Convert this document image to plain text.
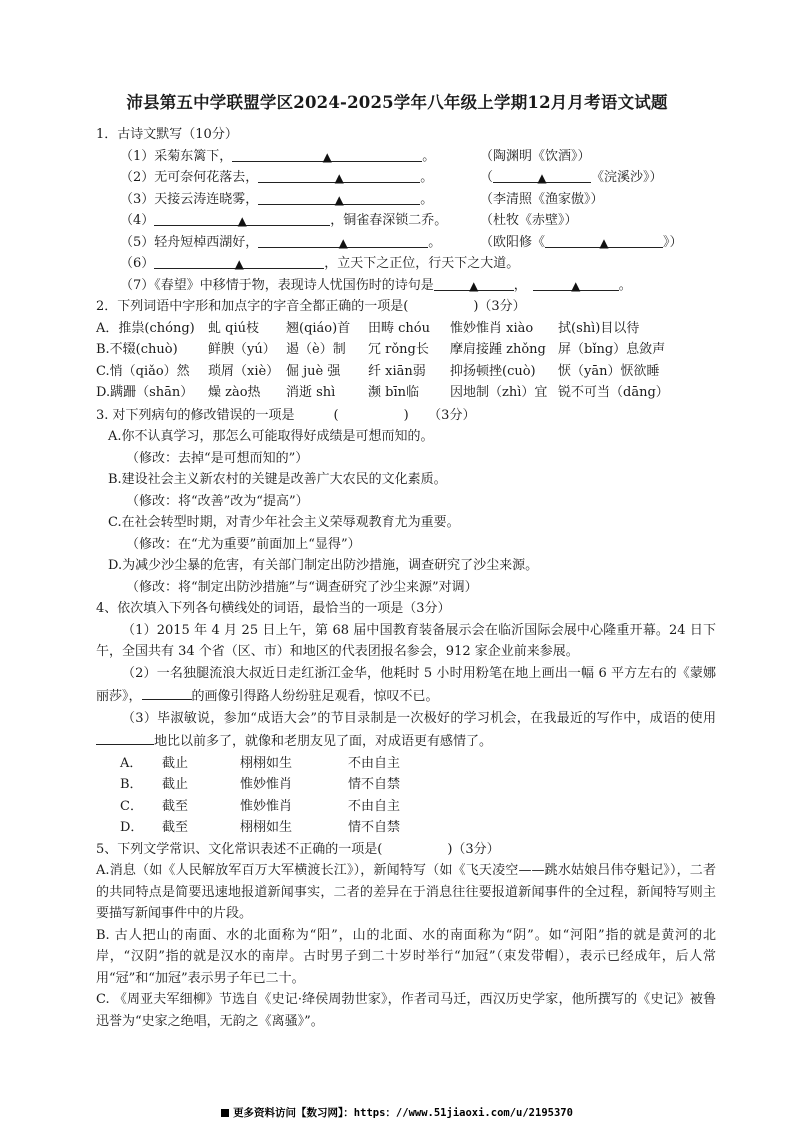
沛县第五中学联盟学区2024-2025学年八年级上学期12月月考语文试题
1．古诗文默写（10分）
（1）采菊东篱下，	▲	。	（陶渊明《饮酒》）
（2）无可奈何花落去，	▲	。	（	▲	《浣溪沙》）
（3）天接云涛连晓雾，	▲	。	（李清照《渔家傲》）
（4）	▲	，铜雀春深锁二乔。	（杜牧《赤壁》）
（5）轻舟短棹西湖好，	▲	。	（欧阳修《	▲	》）
（6）	▲	，立天下之正位，行天下之大道。
（7）《春望》中移情于物，表现诗人忧国伤时的诗句是	▲	，	▲	。
2．下列词语中字形和加点字的字音全都正确的一项是(　　　　　)（3分）
A．推祟(chóng) 虬 qiú枝 翘(qiáo)首 田畴 chóu 惟妙惟肖 xiào 拭(shì)目以待
B.不辍(chuò) 鲜腴（yú） 遏（è）制 冗 rǒng长 摩肩接踵 zhǒng 屏（bǐng）息敛声
C.悄（qiǎo）然 琐屑（xiè） 倔 juè 强 纤 xiān弱 抑扬顿挫(cuò) 恹（yān）恹欲睡
D.蹒跚（shān） 燥 zào热 消逝 shì	濒 bīn临 因地制（zhì）宜 锐不可当（dāng）
3. 对下列病句的修改错误的一项是　　　(　　　　　)　　（3分）
A.你不认真学习，那怎么可能取得好成绩是可想而知的。
（修改：去掉“是可想而知的”）
B.建设社会主义新农村的关键是改善广大农民的文化素质。
（修改：将“改善”改为“提高”）
C.在社会转型时期，对青少年社会主义荣辱观教育尤为重要。
（修改：在“尤为重要”前面加上“显得”）
D.为减少沙尘暴的危害，有关部门制定出防沙措施，调查研究了沙尘来源。
（修改：将“制定出防沙措施”与“调查研究了沙尘来源”对调）
4、依次填入下列各句横线处的词语，最恰当的一项是（3分）
（1）2015 年 4 月 25 日上午，第 68 届中国教育装备展示会在临沂国际会展中心隆重开幕。24 日下午，全国共有 34 个省（区、市）和地区的代表团报名参会，912 家企业前来参展。
（2）一名独腿流浪大叔近日走红浙江金华，他耗时 5 小时用粉笔在地上画出一幅 6 平方左右的《蒙娜丽莎》，	的画像引得路人纷纷驻足观看，惊叹不已。
（3）毕淑敏说，参加“成语大会”的节目录制是一次极好的学习机会，在我最近的写作中，成语的使用地比以前多了，就像和老朋友见了面，对成语更有感情了。
A． 截止	栩栩如生	不由自主
B． 截止	惟妙惟肖	情不自禁
C． 截至	惟妙惟肖	不由自主
D． 截至	栩栩如生	情不自禁
5、下列文学常识、文化常识表述不正确的一项是(　　　　　)（3分）
A.消息（如《人民解放军百万大军横渡长江》），新闻特写（如《飞天凌空——跳水姑娘吕伟夺魁记》），二者的共同特点是简要迅速地报道新闻事实，二者的差异在于消息往往要报道新闻事件的全过程，新闻特写则主要描写新闻事件中的片段。
B. 古人把山的南面、水的北面称为“阳”，山的北面、水的南面称为“阴”。如“河阳”指的就是黄河的北岸，“汉阴”指的就是汉水的南岸。古时男子到二十岁时举行“加冠”（束发带帽），表示已经成年，后人常用“冠”和“加冠”表示男子年已二十。
C. 《周亚夫军细柳》节选自《史记·绛侯周勃世家》，作者司马迁，西汉历史学家，他所撰写的《史记》被鲁迅誉为“史家之绝唱，无韵之《离骚》”。
更多资料访问【数习网】：https：//www.51jiaoxi.com/u/2195370
